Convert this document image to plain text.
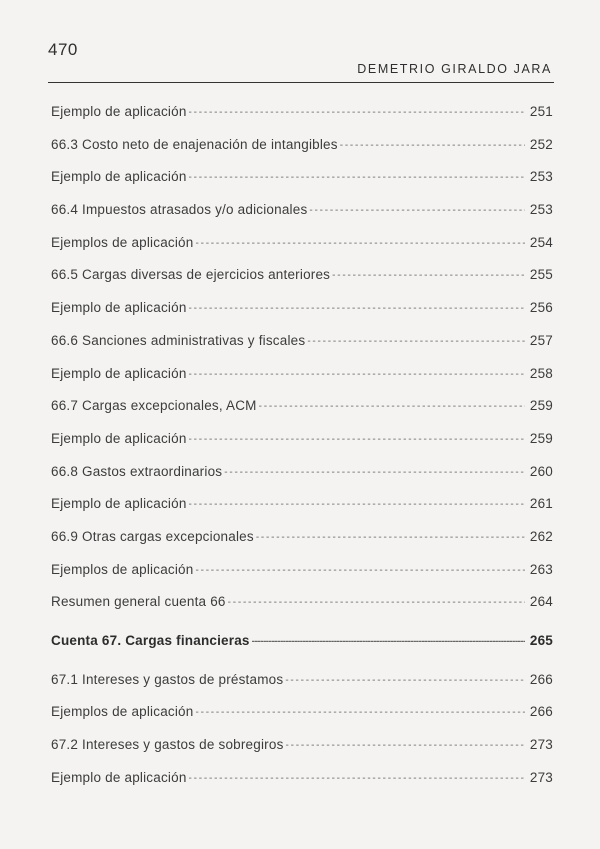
470
DEMETRIO GIRALDO JARA
Ejemplo de aplicación - - -	251
66.3 Costo neto de enajenación de intangibles - - -	252
Ejemplo de aplicación - - -	253
66.4 Impuestos atrasados y/o adicionales - - -	253
Ejemplos de aplicación - - -	254
66.5 Cargas diversas de ejercicios anteriores - - -	255
Ejemplo de aplicación - - -	256
66.6 Sanciones administrativas y fiscales - - -	257
Ejemplo de aplicación - - -	258
66.7 Cargas excepcionales, ACM - - -	259
Ejemplo de aplicación - - -	259
66.8 Gastos extraordinarios - - -	260
Ejemplo de aplicación - - -	261
66.9 Otras cargas excepcionales - - -	262
Ejemplos de aplicación - - -	263
Resumen general cuenta 66 - - -	264
Cuenta 67. Cargas financieras -----	265
67.1 Intereses y gastos de préstamos - - -	266
Ejemplos de aplicación - - -	266
67.2 Intereses y gastos de sobregiros - - -	273
Ejemplo de aplicación - - -	273
